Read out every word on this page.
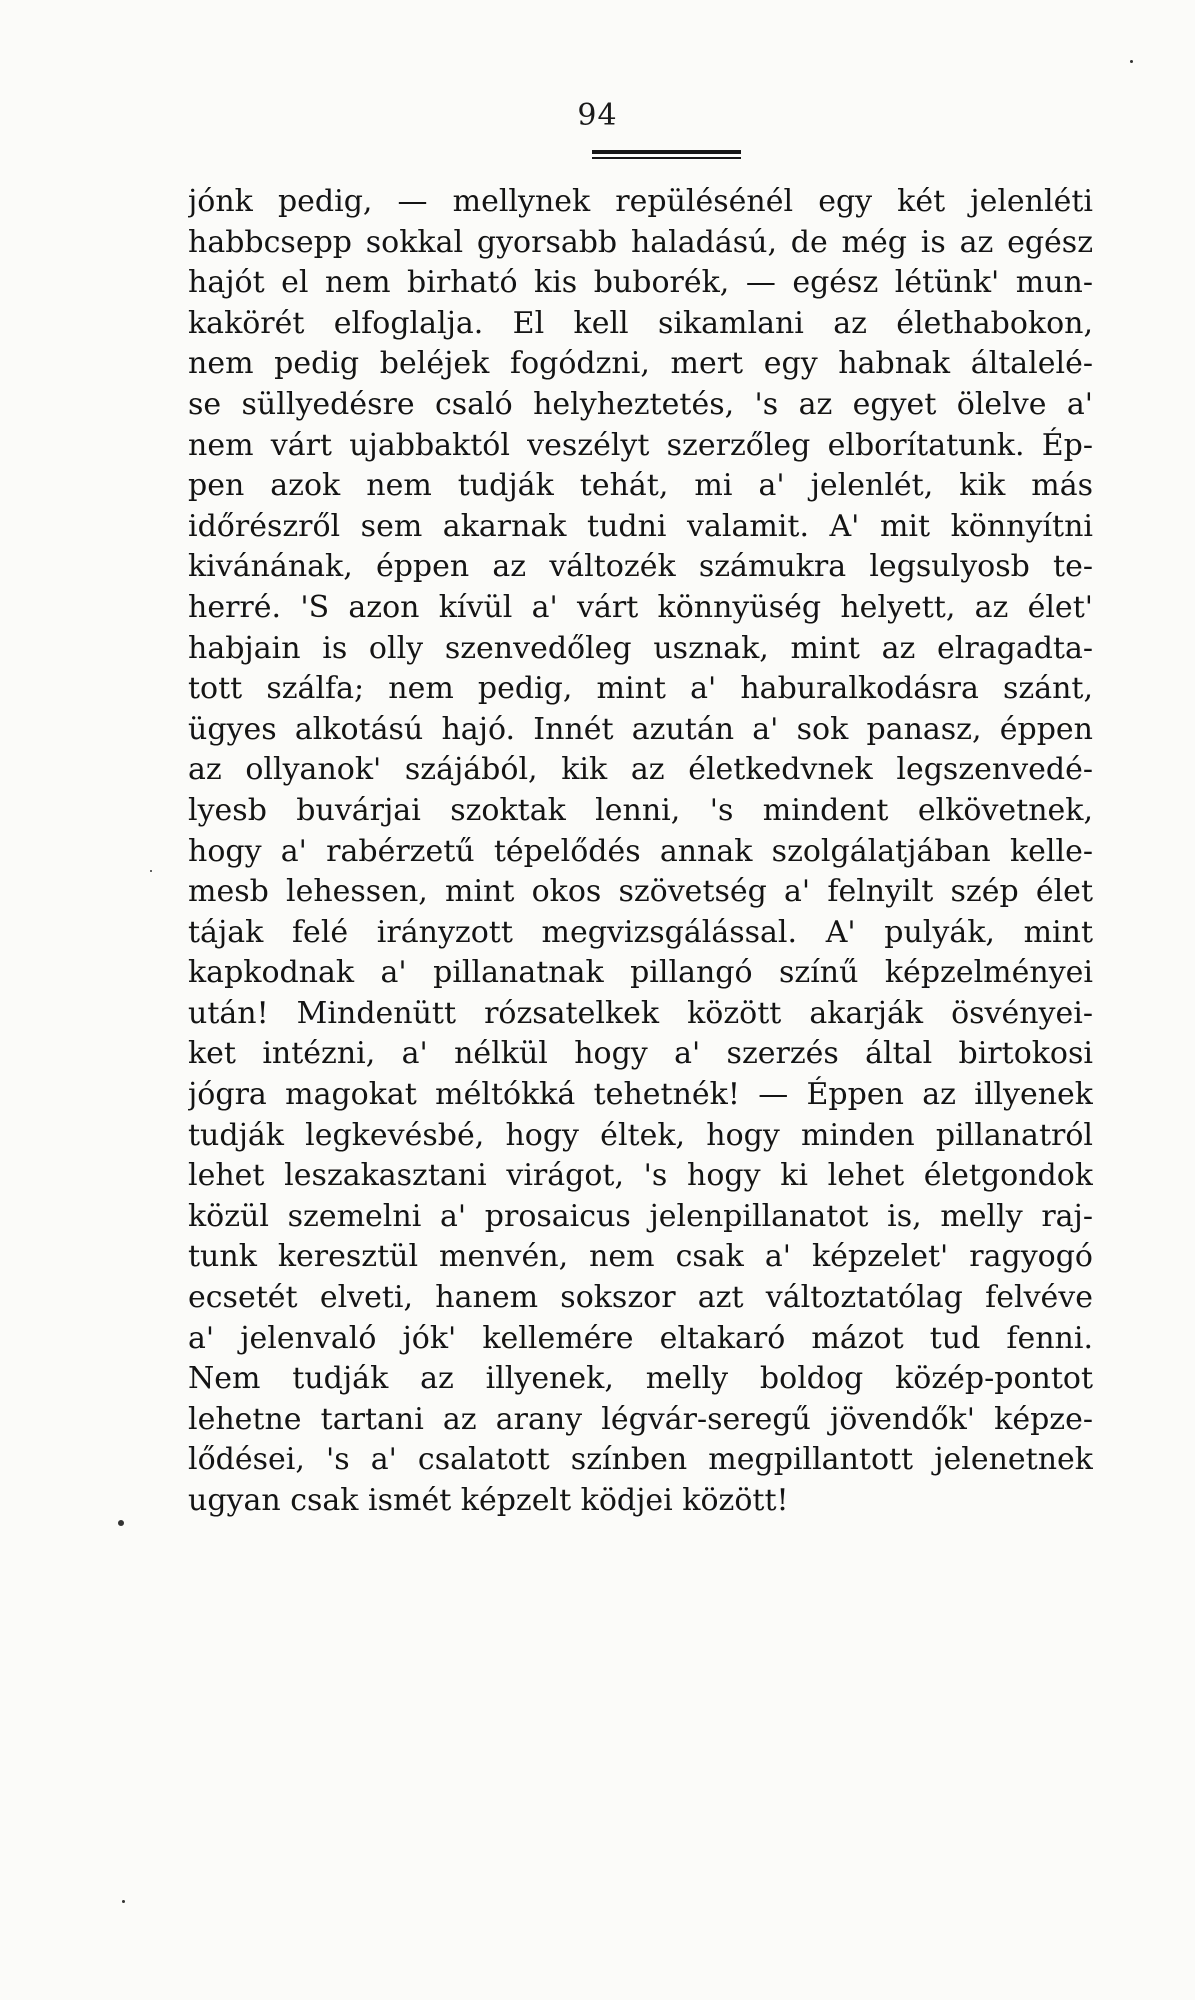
94
jónk pedig, — mellynek repülésénél egy két jelenléti
habbcsepp sokkal gyorsabb haladású, de még is az egész
hajót el nem birható kis buborék, — egész létünk' mun-
kakörét elfoglalja. El kell sikamlani az élethabokon,
nem pedig beléjek fogódzni, mert egy habnak általelé-
se süllyedésre csaló helyheztetés, 's az egyet ölelve a'
nem várt ujabbaktól veszélyt szerzőleg elborítatunk. Ép-
pen azok nem tudják tehát, mi a' jelenlét, kik más
időrészről sem akarnak tudni valamit. A' mit könnyítni
kivánának, éppen az változék számukra legsulyosb te-
herré. 'S azon kívül a' várt könnyüség helyett, az élet'
habjain is olly szenvedőleg usznak, mint az elragadta-
tott szálfa; nem pedig, mint a' haburalkodásra szánt,
ügyes alkotású hajó. Innét azután a' sok panasz, éppen
az ollyanok' szájából, kik az életkedvnek legszenvedé-
lyesb buvárjai szoktak lenni, 's mindent elkövetnek,
hogy a' rabérzetű tépelődés annak szolgálatjában kelle-
mesb lehessen, mint okos szövetség a' felnyilt szép élet
tájak felé irányzott megvizsgálással. A' pulyák, mint
kapkodnak a' pillanatnak pillangó színű képzelményei
után! Mindenütt rózsatelkek között akarják ösvényei-
ket intézni, a' nélkül hogy a' szerzés által birtokosi
jógra magokat méltókká tehetnék! — Éppen az illyenek
tudják legkevésbé, hogy éltek, hogy minden pillanatról
lehet leszakasztani virágot, 's hogy ki lehet életgondok
közül szemelni a' prosaicus jelenpillanatot is, melly raj-
tunk keresztül menvén, nem csak a' képzelet' ragyogó
ecsetét elveti, hanem sokszor azt változtatólag felvéve
a' jelenvaló jók' kellemére eltakaró mázot tud fenni.
Nem tudják az illyenek, melly boldog közép-pontot
lehetne tartani az arany légvár-seregű jövendők' képze-
lődései, 's a' csalatott színben megpillantott jelenetnek
ugyan csak ismét képzelt ködjei között!
